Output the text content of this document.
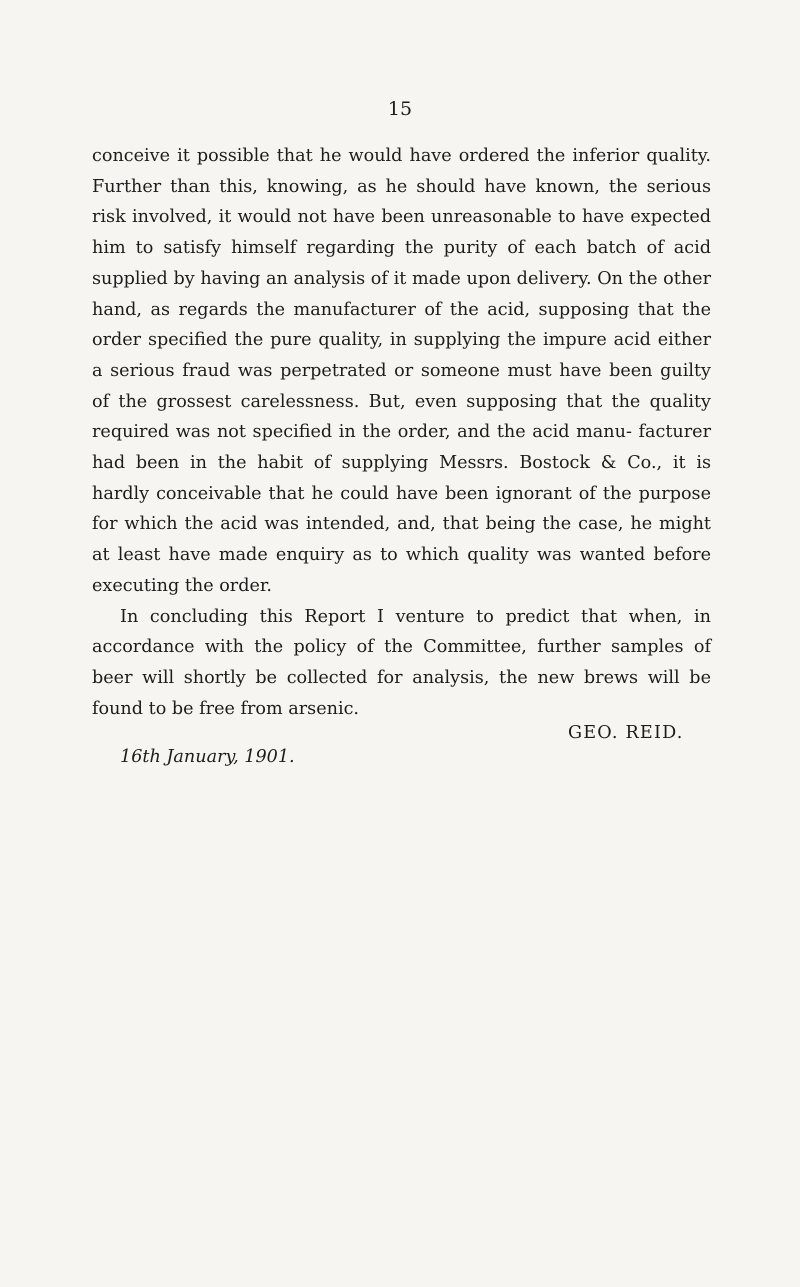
15

conceive it possible that he would have ordered the inferior quality. Further than this, knowing, as he should have known, the serious risk involved, it would not have been unreasonable to have expected him to satisfy himself regarding the purity of each batch of acid supplied by having an analysis of it made upon delivery. On the other hand, as regards the manufacturer of the acid, supposing that the order specified the pure quality, in supplying the impure acid either a serious fraud was perpetrated or someone must have been guilty of the grossest carelessness. But, even supposing that the quality required was not specified in the order, and the acid manu- facturer had been in the habit of supplying Messrs. Bostock & Co., it is hardly conceivable that he could have been ignorant of the purpose for which the acid was intended, and, that being the case, he might at least have made enquiry as to which quality was wanted before executing the order.

In concluding this Report I venture to predict that when, in accordance with the policy of the Committee, further samples of beer will shortly be collected for analysis, the new brews will be found to be free from arsenic.

GEO. REID.
16th January, 1901.
